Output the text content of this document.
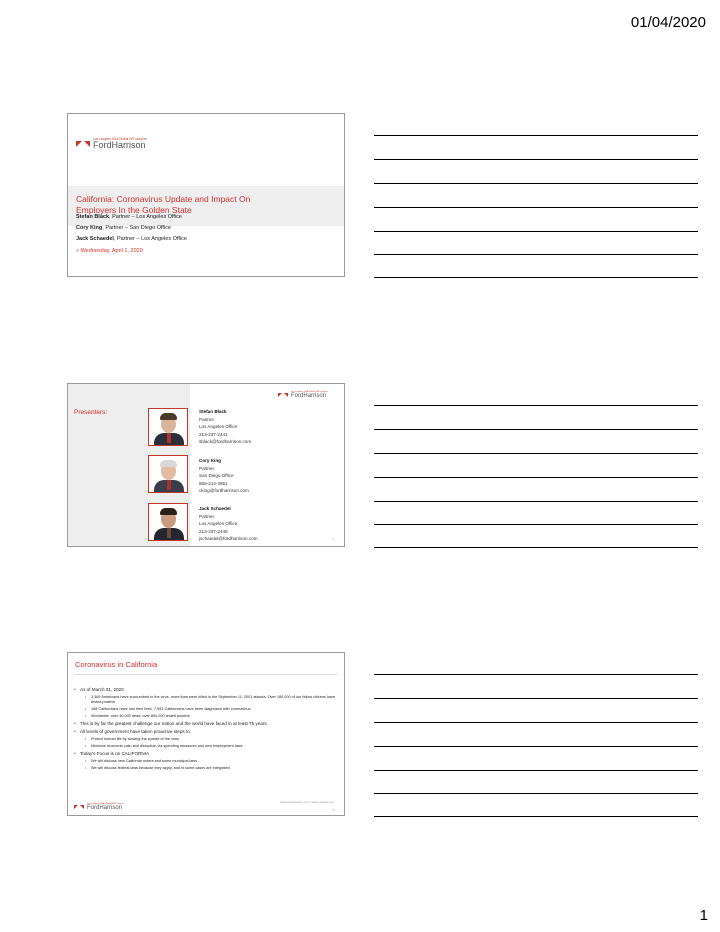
01/04/2020
Los Lawyers USA Global HR Lawyers
FordHarrison
California: Coronavirus Update and Impact On
Employers In the Golden State
Stefan Black, Partner – Los Angeles Office
Cory King, Partner – San Diego Office
Jack Schaedel, Partner – Los Angeles Office
» Wednesday, April 1, 2020
Los Lawyers USA Global HR Lawyers
FordHarrison
Presenters:	Stefan Black
Partner
Los Angeles Office
213-237-2441
sblack@fordharrison.com
Cory King
Partner
San Diego Office
858-214-3951
cking@fordharrison.com
Jack Schaedel
Partner
Los Angeles Office
213-237-2449
jschaedel@fordharrison.com	2
Coronavirus in California
• As of March 31, 2020
• 3,369 Americans have succumbed to the virus, more than were killed in the September 11, 2001 attacks. Over 180,000 of our fellow citizens have tested positive
• 158 Californians have lost their lives, 7,593 Californians have been diagnosed with coronavirus
• Worldwide: over 40,000 dead, over 800,000 tested positive
• This is by far the greatest challenge our nation and the world have faced in at least 75 years.
• All levels of government have taken proactive steps to:
• Protect human life by slowing the spread of the virus
• Minimize economic pain and disruption via spending measures and new employment laws.
• Today's Focus is on CALIFORNIA
• We will discuss new California orders and some municipal laws
• We will discuss federal laws because they apply, and in some cases are integrated
Los Lawyers USA Global HR Lawyers
FordHarrison
www.fordharrison.com | www.natlaw.com
3
1
